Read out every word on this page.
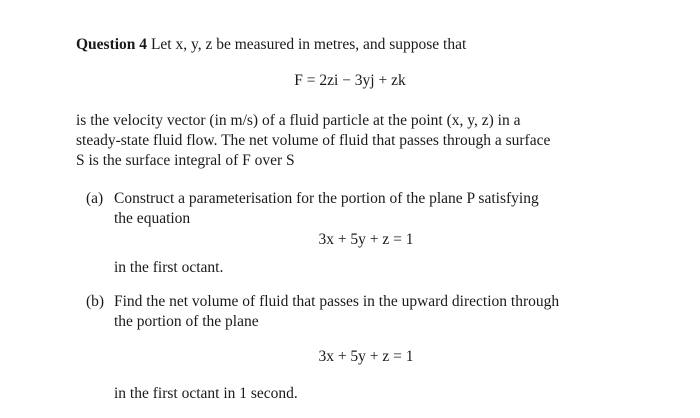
Question 4 Let x, y, z be measured in metres, and suppose that
F = 2zi − 3yj + zk
is the velocity vector (in m/s) of a fluid particle at the point (x, y, z) in a
steady-state fluid flow. The net volume of fluid that passes through a surface
S is the surface integral of F over S
(a) Construct a parameterisation for the portion of the plane P satisfying
the equation
3x + 5y + z = 1
in the first octant.
(b) Find the net volume of fluid that passes in the upward direction through
the portion of the plane
3x + 5y + z = 1
in the first octant in 1 second.
